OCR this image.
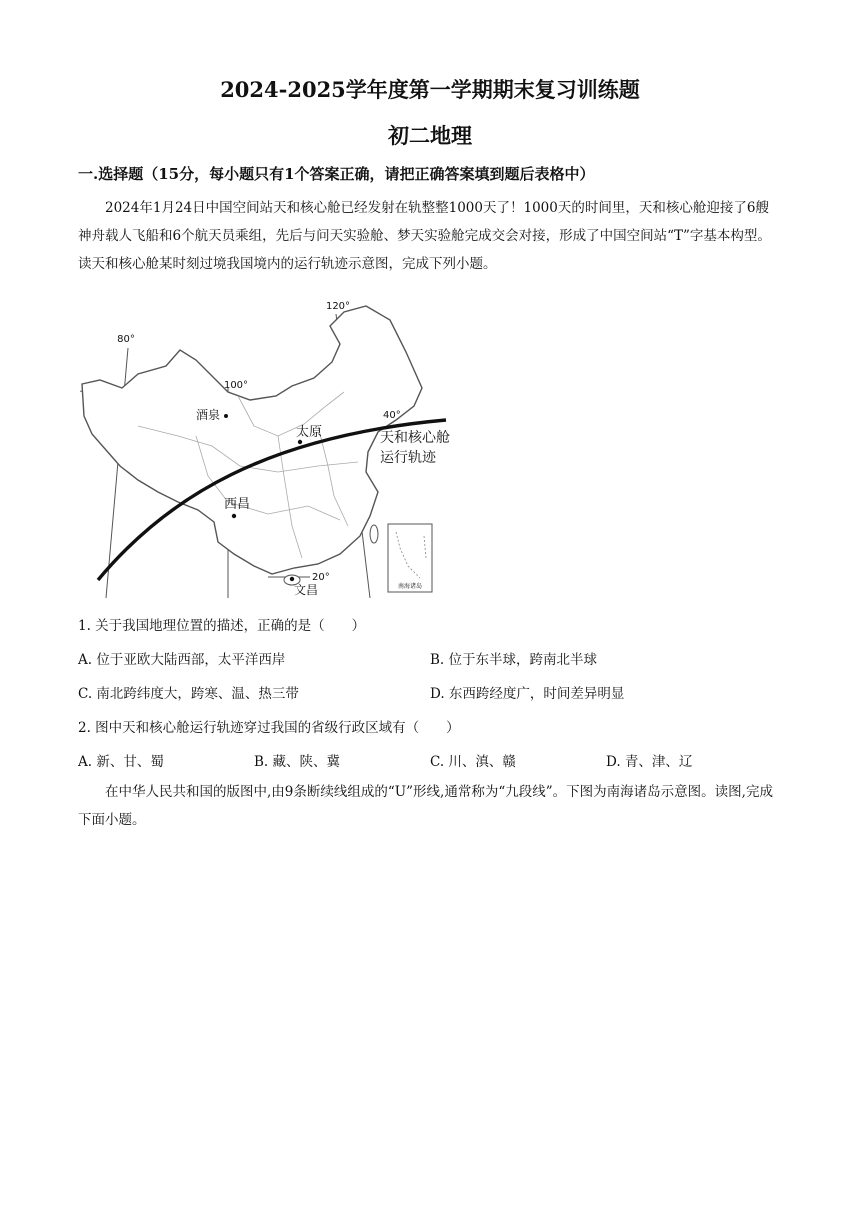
2024-2025学年度第一学期期末复习训练题
初二地理
一.选择题（15分，每小题只有1个答案正确，请把正确答案填到题后表格中）
2024年1月24日中国空间站天和核心舱已经发射在轨整整1000天了！1000天的时间里，天和核心舱迎接了6艘神舟载人飞船和6个航天员乘组，先后与问天实验舱、梦天实验舱完成交会对接，形成了中国空间站“T”字基本构型。读天和核心舱某时刻过境我国境内的运行轨迹示意图，完成下列小题。
南海诸岛
80°
100°
120°
40°
20°
酒泉
太原
西昌
文昌
天和核心舱
运行轨迹
1. 关于我国地理位置的描述，正确的是（　　）
A. 位于亚欧大陆西部，太平洋西岸	B. 位于东半球，跨南北半球
C. 南北跨纬度大，跨寒、温、热三带	D. 东西跨经度广，时间差异明显
2. 图中天和核心舱运行轨迹穿过我国的省级行政区域有（　　）
A. 新、甘、蜀	B. 藏、陕、冀	C. 川、滇、赣	D. 青、津、辽
在中华人民共和国的版图中,由9条断续线组成的“U”形线,通常称为“九段线”。下图为南海诸岛示意图。读图,完成下面小题。
